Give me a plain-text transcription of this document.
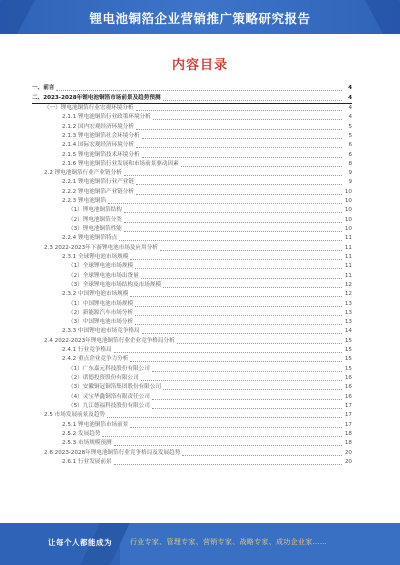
锂电池铜箔企业营销推广策略研究报告
内容目录
一、前言	4
二、2023-2028年锂电池铜箔市场前景及趋势预测	4
（一）锂电池铜箔行业宏观环境分析	4
2.1.1 锂电池铜箔行业政策环境分析	4
2.1.2 国内宏观经济环境分析	5
2.1.3 锂电池铜箔社会环境分析	5
2.1.4 国际宏观经济环境分析	6
2.1.5 锂电池铜箔技术环境分析	6
2.1.6 锂电池铜箔行业发展和市场前景驱动因素	8
2.2 锂电池铜箔行业产业链分析	9
2.2.1 锂电池铜箔行业产业链	9
2.2.2 锂电池铜箔产业链分析	10
2.2.3 锂电池铜箔	10
（1）锂电池铜箔结构	10
（2）锂电池铜箔分类	10
（3）锂电池铜箔性能	10
2.2.4 锂电池铜箔特点	11
2.3 2022-2023年下游锂电池市场及应用分析	11
2.3.1 全球锂电池市场规模	11
（1）全球锂电池市场规模	11
（2）全球锂电池市场出货量	11
（3）全球锂电池市场结构及市场规模	12
2.3.2 中国锂电池市场规模	12
（1）中国锂电池市场规模	13
（2）新能源汽车市场分析	13
（3）中国锂电池市场分析	13
2.3.3 中国锂电池市场竞争格局	14
2.4 2022-2023年锂电池铜箔行业企业竞争格局分析	15
2.4.1 行业竞争格局	15
2.4.2 重点企业竞争力分析	15
（1）广东嘉元科技股份有限公司	15
（2）诺德投资股份有限公司	16
（3）安徽铜冠铜箔集团股份有限公司	16
（4）灵宝华鑫铜箔有限责任公司	16
（5）九江德福科技股份有限公司	17
2.5 市场发展前景及趋势	17
2.5.1 锂电池铜箔市场前景	17
2.5.2 发展趋势	18
2.5.3 市场规模预测	18
2.6 2023-2028年锂电池铜箔行业竞争格局及发展趋势	20
2.6.1 行业发展前景	20
让每个人都能成为	行业专家、管理专家、营销专家、战略专家、成功企业家……
